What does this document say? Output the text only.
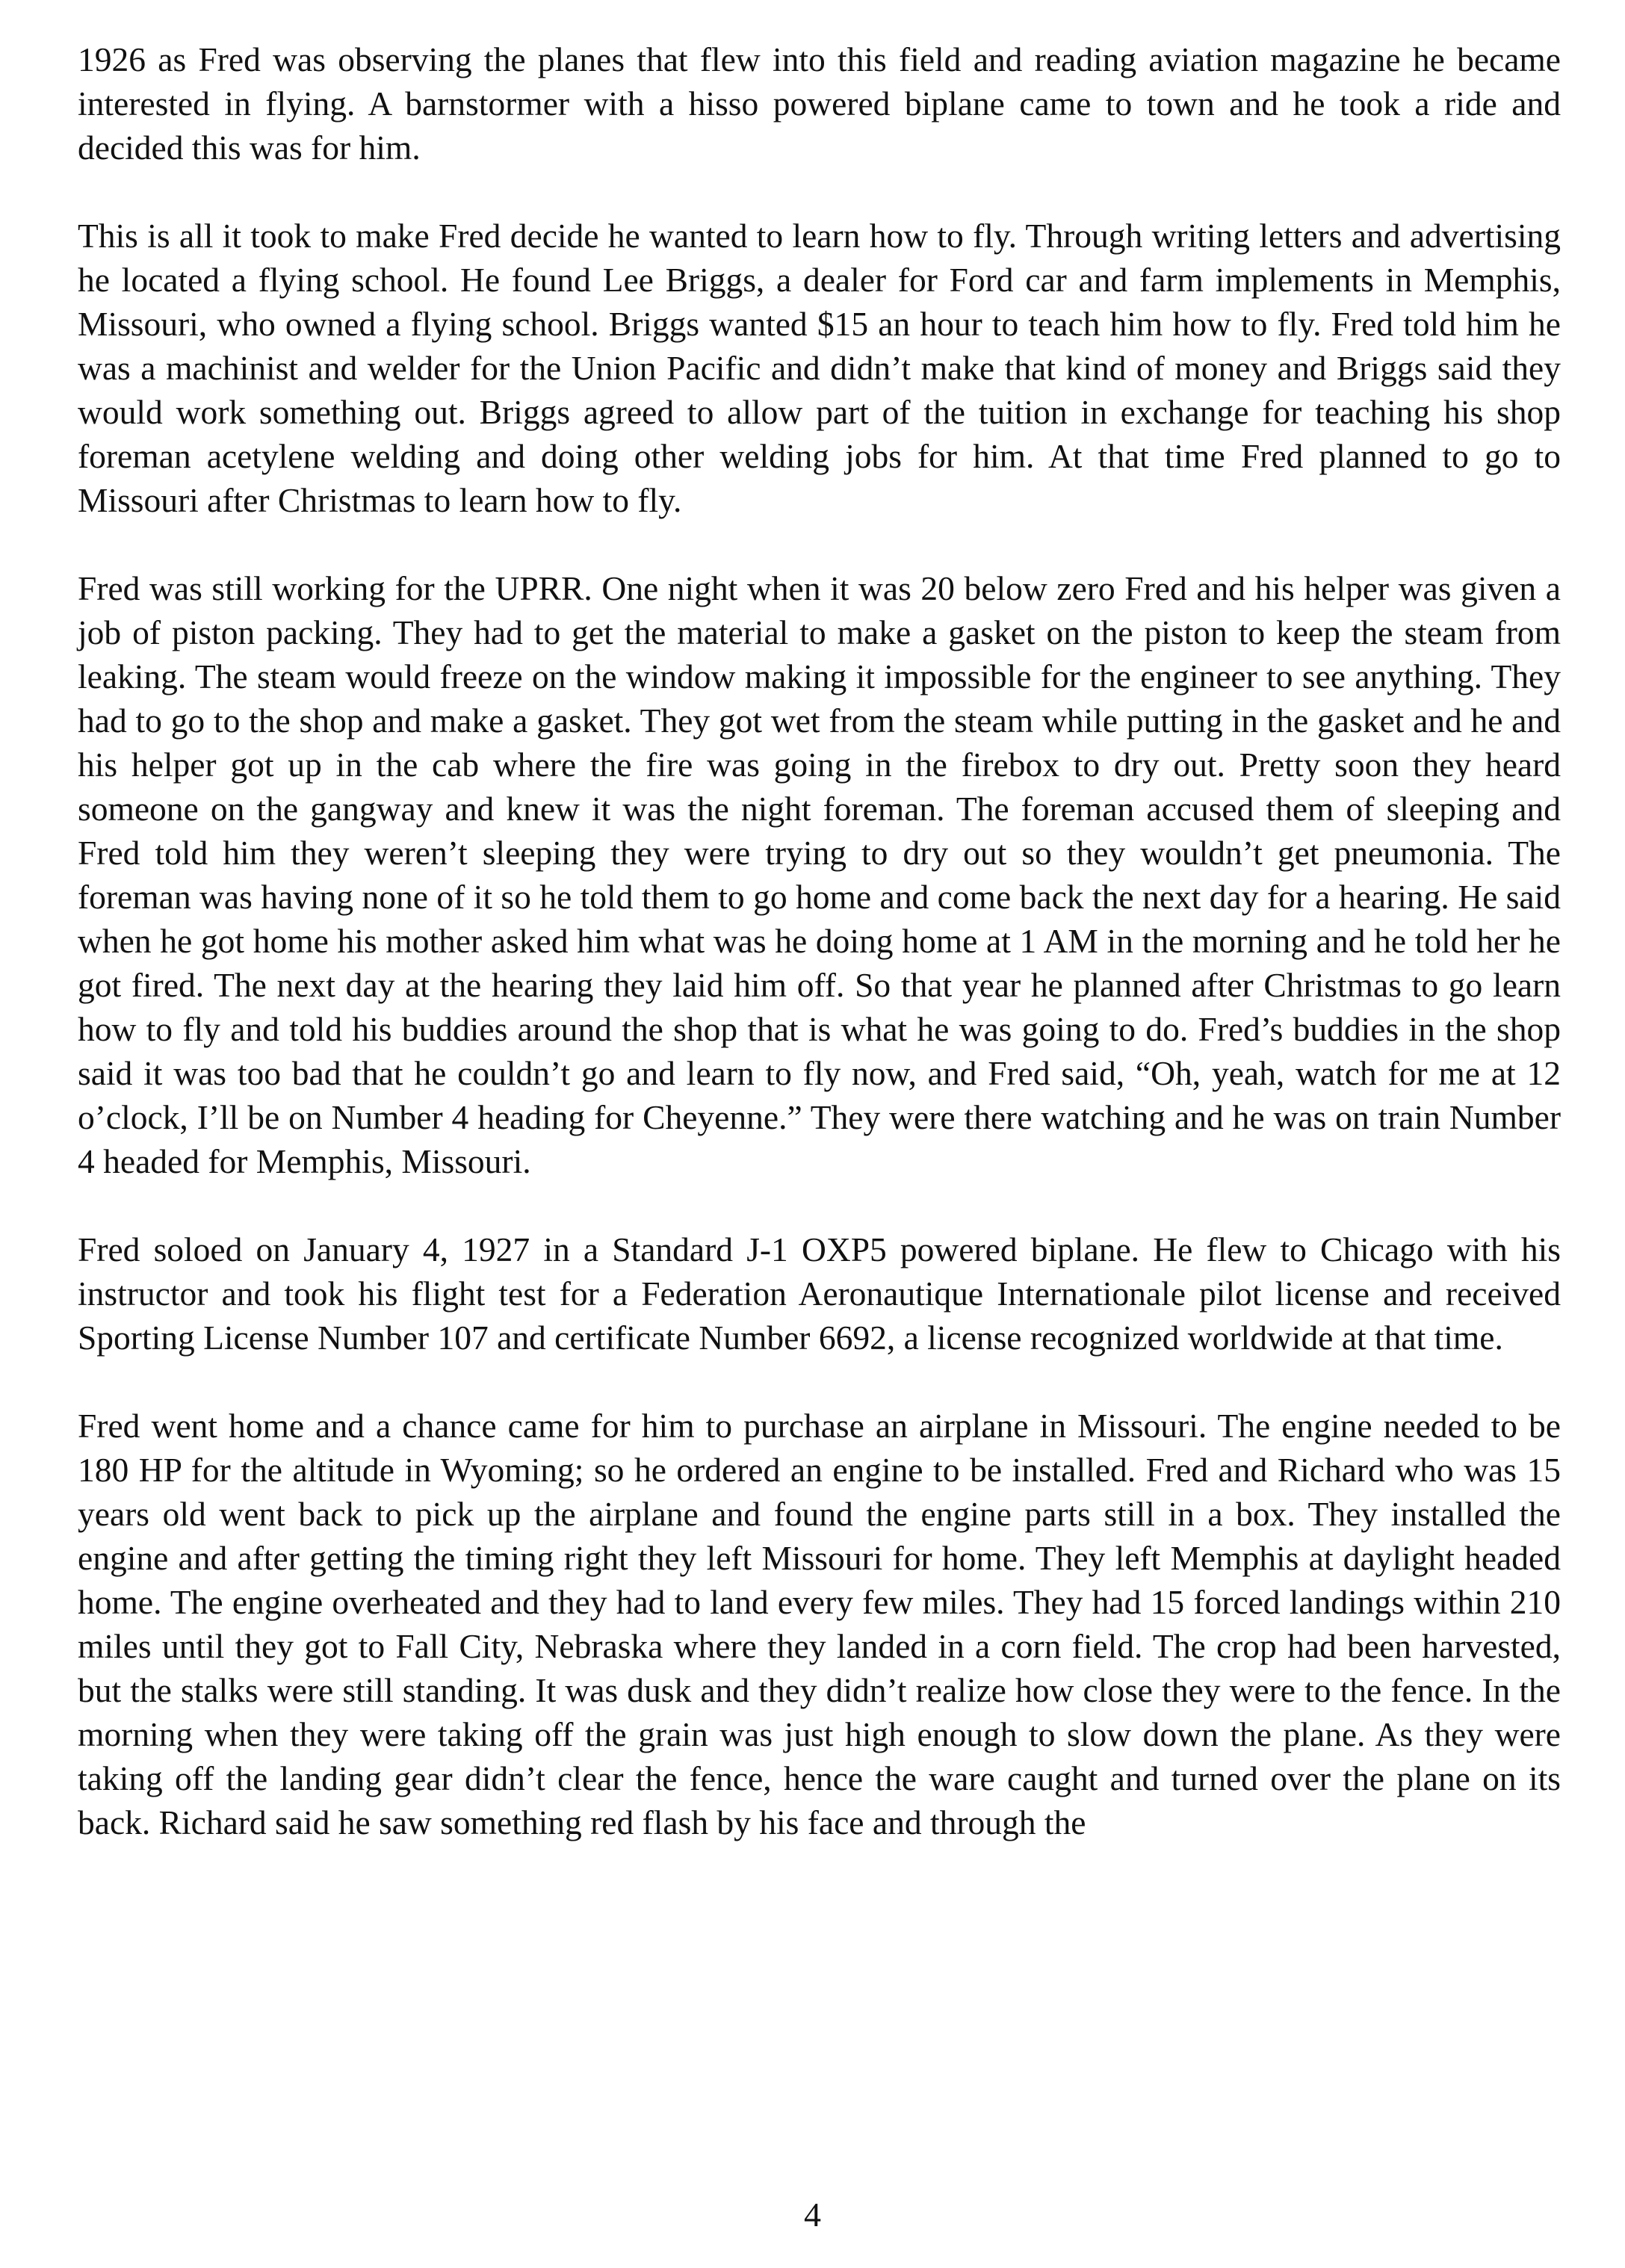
1926 as Fred was observing the planes that flew into this field and reading aviation magazine he became interested in flying. A barnstormer with a hisso powered biplane came to town and he took a ride and decided this was for him.

This is all it took to make Fred decide he wanted to learn how to fly. Through writing letters and advertising he located a flying school. He found Lee Briggs, a dealer for Ford car and farm implements in Memphis, Missouri, who owned a flying school. Briggs wanted $15 an hour to teach him how to fly. Fred told him he was a machinist and welder for the Union Pacific and didn’t make that kind of money and Briggs said they would work something out. Briggs agreed to allow part of the tuition in exchange for teaching his shop foreman acetylene welding and doing other welding jobs for him. At that time Fred planned to go to Missouri after Christmas to learn how to fly.

Fred was still working for the UPRR. One night when it was 20 below zero Fred and his helper was given a job of piston packing. They had to get the material to make a gasket on the piston to keep the steam from leaking. The steam would freeze on the window making it impossible for the engineer to see anything. They had to go to the shop and make a gasket. They got wet from the steam while putting in the gasket and he and his helper got up in the cab where the fire was going in the firebox to dry out. Pretty soon they heard someone on the gangway and knew it was the night foreman. The foreman accused them of sleeping and Fred told him they weren’t sleeping they were trying to dry out so they wouldn’t get pneumonia. The foreman was having none of it so he told them to go home and come back the next day for a hearing. He said when he got home his mother asked him what was he doing home at 1 AM in the morning and he told her he got fired. The next day at the hearing they laid him off. So that year he planned after Christmas to go learn how to fly and told his buddies around the shop that is what he was going to do. Fred’s buddies in the shop said it was too bad that he couldn’t go and learn to fly now, and Fred said, “Oh, yeah, watch for me at 12 o’clock, I’ll be on Number 4 heading for Cheyenne.” They were there watching and he was on train Number 4 headed for Memphis, Missouri.

Fred soloed on January 4, 1927 in a Standard J-1 OXP5 powered biplane. He flew to Chicago with his instructor and took his flight test for a Federation Aeronautique Internationale pilot license and received Sporting License Number 107 and certificate Number 6692, a license recognized worldwide at that time.

Fred went home and a chance came for him to purchase an airplane in Missouri. The engine needed to be 180 HP for the altitude in Wyoming; so he ordered an engine to be installed. Fred and Richard who was 15 years old went back to pick up the airplane and found the engine parts still in a box. They installed the engine and after getting the timing right they left Missouri for home. They left Memphis at daylight headed home. The engine overheated and they had to land every few miles. They had 15 forced landings within 210 miles until they got to Fall City, Nebraska where they landed in a corn field. The crop had been harvested, but the stalks were still standing. It was dusk and they didn’t realize how close they were to the fence. In the morning when they were taking off the grain was just high enough to slow down the plane. As they were taking off the landing gear didn’t clear the fence, hence the ware caught and turned over the plane on its back. Richard said he saw something red flash by his face and through the

4
